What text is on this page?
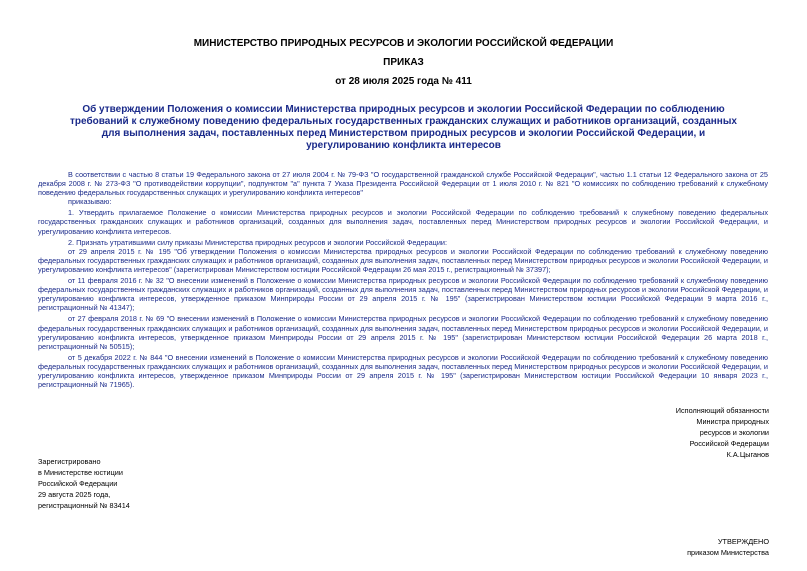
МИНИСТЕРСТВО ПРИРОДНЫХ РЕСУРСОВ И ЭКОЛОГИИ РОССИЙСКОЙ ФЕДЕРАЦИИ
ПРИКАЗ
от 28 июля 2025 года № 411
Об утверждении Положения о комиссии Министерства природных ресурсов и экологии Российской Федерации по соблюдению требований к служебному поведению федеральных государственных гражданских служащих и работников организаций, созданных для выполнения задач, поставленных перед Министерством природных ресурсов и экологии Российской Федерации, и урегулированию конфликта интересов

В соответствии с частью 8 статьи 19 Федерального закона от 27 июля 2004 г. № 79-ФЗ "О государственной гражданской службе Российской Федерации", частью 1.1 статьи 12 Федерального закона от 25 декабря 2008 г. № 273-ФЗ "О противодействии коррупции", подпунктом "а" пункта 7 Указа Президента Российской Федерации от 1 июля 2010 г. № 821 "О комиссиях по соблюдению требований к служебному поведению федеральных государственных служащих и урегулированию конфликта интересов"

приказываю:

1. Утвердить прилагаемое Положение о комиссии Министерства природных ресурсов и экологии Российской Федерации по соблюдению требований к служебному поведению федеральных государственных гражданских служащих и работников организаций, созданных для выполнения задач, поставленных перед Министерством природных ресурсов и экологии Российской Федерации, и урегулированию конфликта интересов.

2. Признать утратившими силу приказы Министерства природных ресурсов и экологии Российской Федерации:

от 29 апреля 2015 г. № 195 "Об утверждении Положения о комиссии Министерства природных ресурсов и экологии Российской Федерации по соблюдению требований к служебному поведению федеральных государственных гражданских служащих и работников организаций, созданных для выполнения задач, поставленных перед Министерством природных ресурсов и экологии Российской Федерации, и урегулированию конфликта интересов" (зарегистрирован Министерством юстиции Российской Федерации 26 мая 2015 г., регистрационный № 37397);

от 11 февраля 2016 г. № 32 "О внесении изменений в Положение о комиссии Министерства природных ресурсов и экологии Российской Федерации по соблюдению требований к служебному поведению федеральных государственных гражданских служащих и работников организаций, созданных для выполнения задач, поставленных перед Министерством природных ресурсов и экологии Российской Федерации, и урегулированию конфликта интересов, утвержденное приказом Минприроды России от 29 апреля 2015 г. № 195" (зарегистрирован Министерством юстиции Российской Федерации 9 марта 2016 г., регистрационный № 41347);

от 27 февраля 2018 г. № 69 "О внесении изменений в Положение о комиссии Министерства природных ресурсов и экологии Российской Федерации по соблюдению требований к служебному поведению федеральных государственных гражданских служащих и работников организаций, созданных для выполнения задач, поставленных перед Министерством природных ресурсов и экологии Российской Федерации, и урегулированию конфликта интересов, утвержденное приказом Минприроды России от 29 апреля 2015 г. № 195" (зарегистрирован Министерством юстиции Российской Федерации 26 марта 2018 г., регистрационный № 50515);

от 5 декабря 2022 г. № 844 "О внесении изменений в Положение о комиссии Министерства природных ресурсов и экологии Российской Федерации по соблюдению требований к служебному поведению федеральных государственных гражданских служащих и работников организаций, созданных для выполнения задач, поставленных перед Министерством природных ресурсов и экологии Российской Федерации, и урегулированию конфликта интересов, утвержденное приказом Минприроды России от 29 апреля 2015 г. № 195" (зарегистрирован Министерством юстиции Российской Федерации 10 января 2023 г., регистрационный № 71965).

Исполняющий обязанности
Министра природных
ресурсов и экологии
Российской Федерации
К.А.Цыганов
Зарегистрировано
в Министерстве юстиции
Российской Федерации
29 августа 2025 года,
регистрационный № 83414
УТВЕРЖДЕНО
приказом Министерства
